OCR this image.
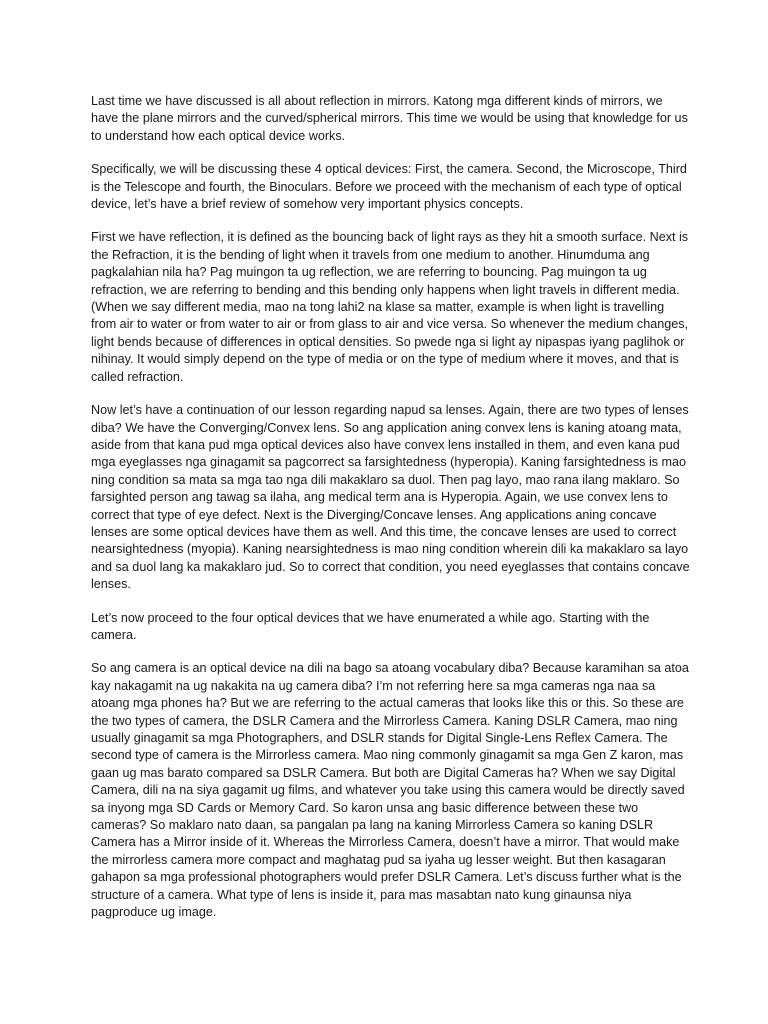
Last time we have discussed is all about reflection in mirrors. Katong mga different kinds of mirrors, we have the plane mirrors and the curved/spherical mirrors. This time we would be using that knowledge for us to understand how each optical device works.

Specifically, we will be discussing these 4 optical devices: First, the camera. Second, the Microscope, Third is the Telescope and fourth, the Binoculars. Before we proceed with the mechanism of each type of optical device, let’s have a brief review of somehow very important physics concepts.

First we have reflection, it is defined as the bouncing back of light rays as they hit a smooth surface. Next is the Refraction, it is the bending of light when it travels from one medium to another. Hinumduma ang pagkalahian nila ha? Pag muingon ta ug reflection, we are referring to bouncing. Pag muingon ta ug refraction, we are referring to bending and this bending only happens when light travels in different media. (When we say different media, mao na tong lahi2 na klase sa matter, example is when light is travelling from air to water or from water to air or from glass to air and vice versa. So whenever the medium changes, light bends because of differences in optical densities. So pwede nga si light ay nipaspas iyang paglihok or nihinay. It would simply depend on the type of media or on the type of medium where it moves, and that is called refraction.

Now let’s have a continuation of our lesson regarding napud sa lenses. Again, there are two types of lenses diba? We have the Converging/Convex lens. So ang application aning convex lens is kaning atoang mata, aside from that kana pud mga optical devices also have convex lens installed in them, and even kana pud mga eyeglasses nga ginagamit sa pagcorrect sa farsightedness (hyperopia). Kaning farsightedness is mao ning condition sa mata sa mga tao nga dili makaklaro sa duol. Then pag layo, mao rana ilang maklaro. So farsighted person ang tawag sa ilaha, ang medical term ana is Hyperopia. Again, we use convex lens to correct that type of eye defect. Next is the Diverging/Concave lenses. Ang applications aning concave lenses are some optical devices have them as well. And this time, the concave lenses are used to correct nearsightedness (myopia). Kaning nearsightedness is mao ning condition wherein dili ka makaklaro sa layo and sa duol lang ka makaklaro jud. So to correct that condition, you need eyeglasses that contains concave lenses.

Let’s now proceed to the four optical devices that we have enumerated a while ago. Starting with the camera.

So ang camera is an optical device na dili na bago sa atoang vocabulary diba? Because karamihan sa atoa kay nakagamit na ug nakakita na ug camera diba? I’m not referring here sa mga cameras nga naa sa atoang mga phones ha? But we are referring to the actual cameras that looks like this or this. So these are the two types of camera, the DSLR Camera and the Mirrorless Camera. Kaning DSLR Camera, mao ning usually ginagamit sa mga Photographers, and DSLR stands for Digital Single-Lens Reflex Camera. The second type of camera is the Mirrorless camera. Mao ning commonly ginagamit sa mga Gen Z karon, mas gaan ug mas barato compared sa DSLR Camera. But both are Digital Cameras ha? When we say Digital Camera, dili na na siya gagamit ug films, and whatever you take using this camera would be directly saved sa inyong mga SD Cards or Memory Card. So karon unsa ang basic difference between these two cameras? So maklaro nato daan, sa pangalan pa lang na kaning Mirrorless Camera so kaning DSLR Camera has a Mirror inside of it. Whereas the Mirrorless Camera, doesn’t have a mirror. That would make the mirrorless camera more compact and maghatag pud sa iyaha ug lesser weight. But then kasagaran gahapon sa mga professional photographers would prefer DSLR Camera. Let’s discuss further what is the structure of a camera. What type of lens is inside it, para mas masabtan nato kung ginaunsa niya pagproduce ug image.
